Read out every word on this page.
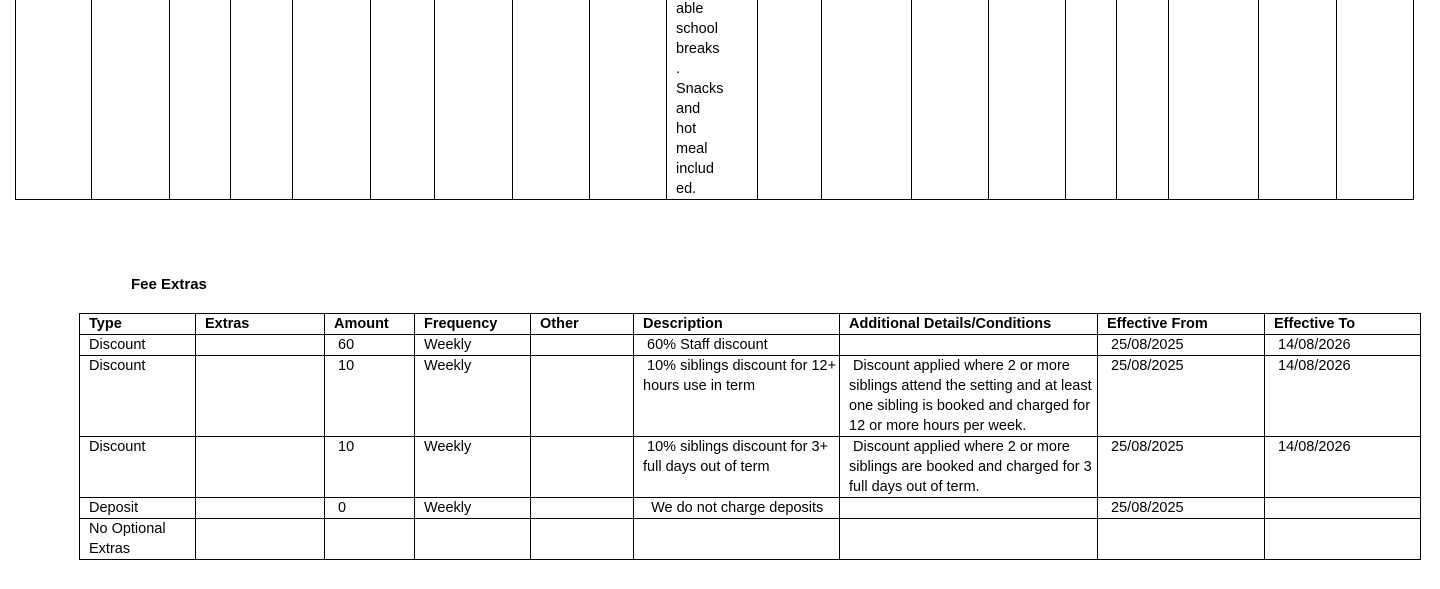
able
school
breaks
.
Snacks
and
hot
meal
includ
ed.

Fee Extras
Type	Extras	Amount	Frequency	Other	Description	Additional Details/Conditions	Effective From	Effective To
Discount		60	Weekly		60% Staff discount		25/08/2025	14/08/2026
Discount		10	Weekly		10% siblings discount for 12+ hours use in term	Discount applied where 2 or more siblings attend the setting and at least one sibling is booked and charged for 12 or more hours per week.	25/08/2025	14/08/2026
Discount		10	Weekly		10% siblings discount for 3+ full days out of term	Discount applied where 2 or more siblings are booked and charged for 3 full days out of term.	25/08/2025	14/08/2026
Deposit		0	Weekly		We do not charge deposits		25/08/2025	
No Optional Extras								
